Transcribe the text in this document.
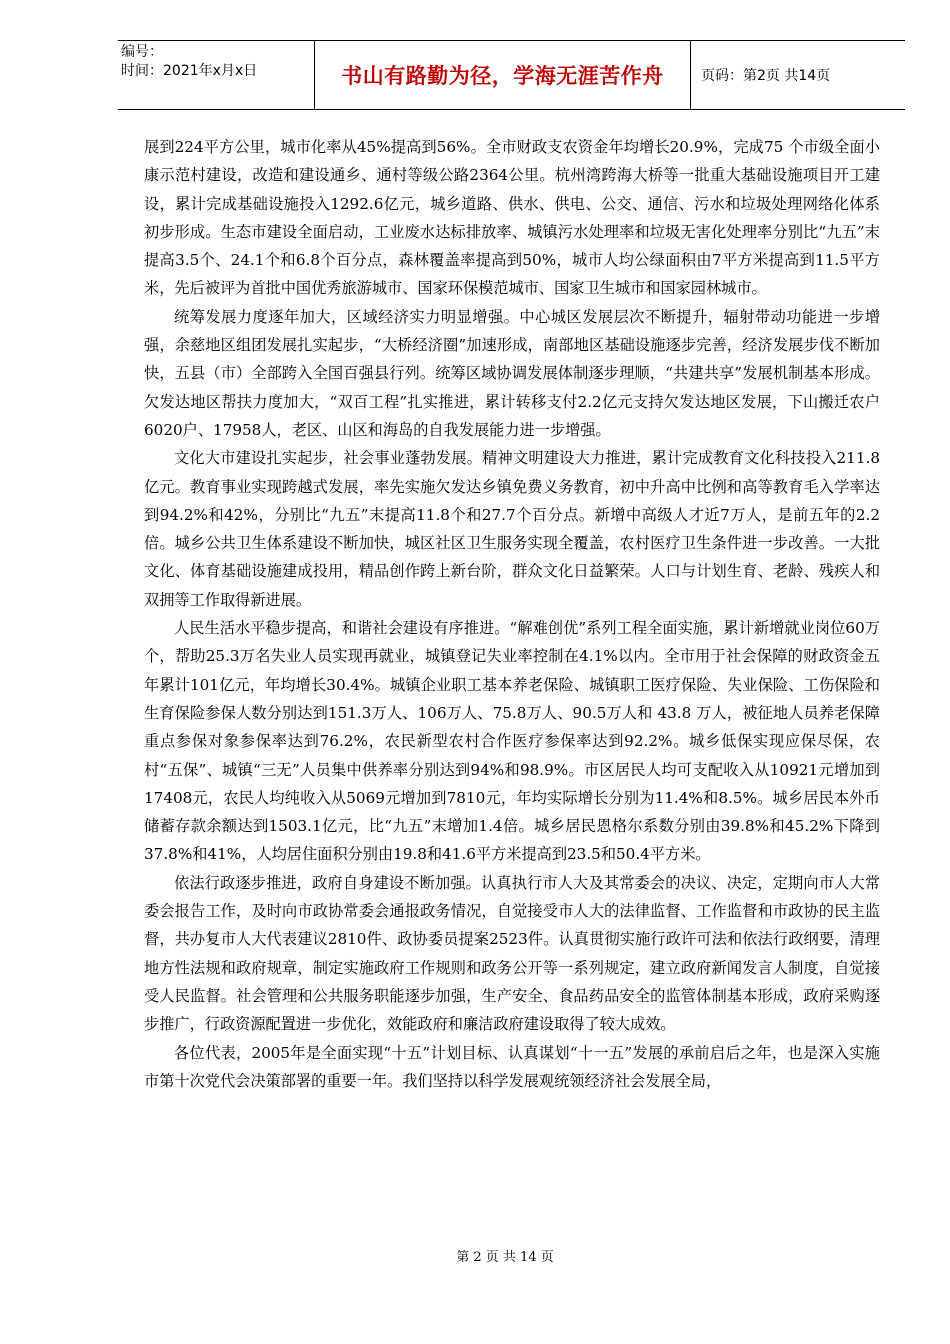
编号：
时间：2021年x月x日	书山有路勤为径，学海无涯苦作舟	页码：第2页 共14页

展到224平方公里，城市化率从45%提高到56%。全市财政支农资金年均增长20.9%，完成75 个市级全面小康示范村建设，改造和建设通乡、通村等级公路2364公里。杭州湾跨海大桥等一批重大基础设施项目开工建设，累计完成基础设施投入1292.6亿元，城乡道路、供水、供电、公交、通信、污水和垃圾处理网络化体系初步形成。生态市建设全面启动，工业废水达标排放率、城镇污水处理率和垃圾无害化处理率分别比“九五”末提高3.5个、24.1个和6.8个百分点，森林覆盖率提高到50%，城市人均公绿面积由7平方米提高到11.5平方米，先后被评为首批中国优秀旅游城市、国家环保模范城市、国家卫生城市和国家园林城市。

统筹发展力度逐年加大，区域经济实力明显增强。中心城区发展层次不断提升，辐射带动功能进一步增强，余慈地区组团发展扎实起步，“大桥经济圈”加速形成，南部地区基础设施逐步完善，经济发展步伐不断加快，五县（市）全部跨入全国百强县行列。统筹区域协调发展体制逐步理顺，“共建共享”发展机制基本形成。欠发达地区帮扶力度加大，“双百工程”扎实推进，累计转移支付2.2亿元支持欠发达地区发展，下山搬迁农户6020户、17958人，老区、山区和海岛的自我发展能力进一步增强。

文化大市建设扎实起步，社会事业蓬勃发展。精神文明建设大力推进，累计完成教育文化科技投入211.8亿元。教育事业实现跨越式发展，率先实施欠发达乡镇免费义务教育，初中升高中比例和高等教育毛入学率达到94.2%和42%，分别比“九五”末提高11.8个和27.7个百分点。新增中高级人才近7万人，是前五年的2.2倍。城乡公共卫生体系建设不断加快，城区社区卫生服务实现全覆盖，农村医疗卫生条件进一步改善。一大批文化、体育基础设施建成投用，精品创作跨上新台阶，群众文化日益繁荣。人口与计划生育、老龄、残疾人和双拥等工作取得新进展。

人民生活水平稳步提高，和谐社会建设有序推进。“解难创优”系列工程全面实施，累计新增就业岗位60万个，帮助25.3万名失业人员实现再就业，城镇登记失业率控制在4.1%以内。全市用于社会保障的财政资金五年累计101亿元，年均增长30.4%。城镇企业职工基本养老保险、城镇职工医疗保险、失业保险、工伤保险和生育保险参保人数分别达到151.3万人、106万人、75.8万人、90.5万人和 43.8 万人，被征地人员养老保障重点参保对象参保率达到76.2%，农民新型农村合作医疗参保率达到92.2%。城乡低保实现应保尽保，农村“五保”、城镇“三无”人员集中供养率分别达到94%和98.9%。市区居民人均可支配收入从10921元增加到17408元，农民人均纯收入从5069元增加到7810元，年均实际增长分别为11.4%和8.5%。城乡居民本外币储蓄存款余额达到1503.1亿元，比“九五”末增加1.4倍。城乡居民恩格尔系数分别由39.8%和45.2%下降到37.8%和41%，人均居住面积分别由19.8和41.6平方米提高到23.5和50.4平方米。

依法行政逐步推进，政府自身建设不断加强。认真执行市人大及其常委会的决议、决定，定期向市人大常委会报告工作，及时向市政协常委会通报政务情况，自觉接受市人大的法律监督、工作监督和市政协的民主监督，共办复市人大代表建议2810件、政协委员提案2523件。认真贯彻实施行政许可法和依法行政纲要，清理地方性法规和政府规章，制定实施政府工作规则和政务公开等一系列规定，建立政府新闻发言人制度，自觉接受人民监督。社会管理和公共服务职能逐步加强，生产安全、食品药品安全的监管体制基本形成，政府采购逐步推广，行政资源配置进一步优化，效能政府和廉洁政府建设取得了较大成效。

各位代表，2005年是全面实现“十五”计划目标、认真谋划“十一五”发展的承前启后之年，也是深入实施市第十次党代会决策部署的重要一年。我们坚持以科学发展观统领经济社会发展全局，

第 2 页 共 14 页
